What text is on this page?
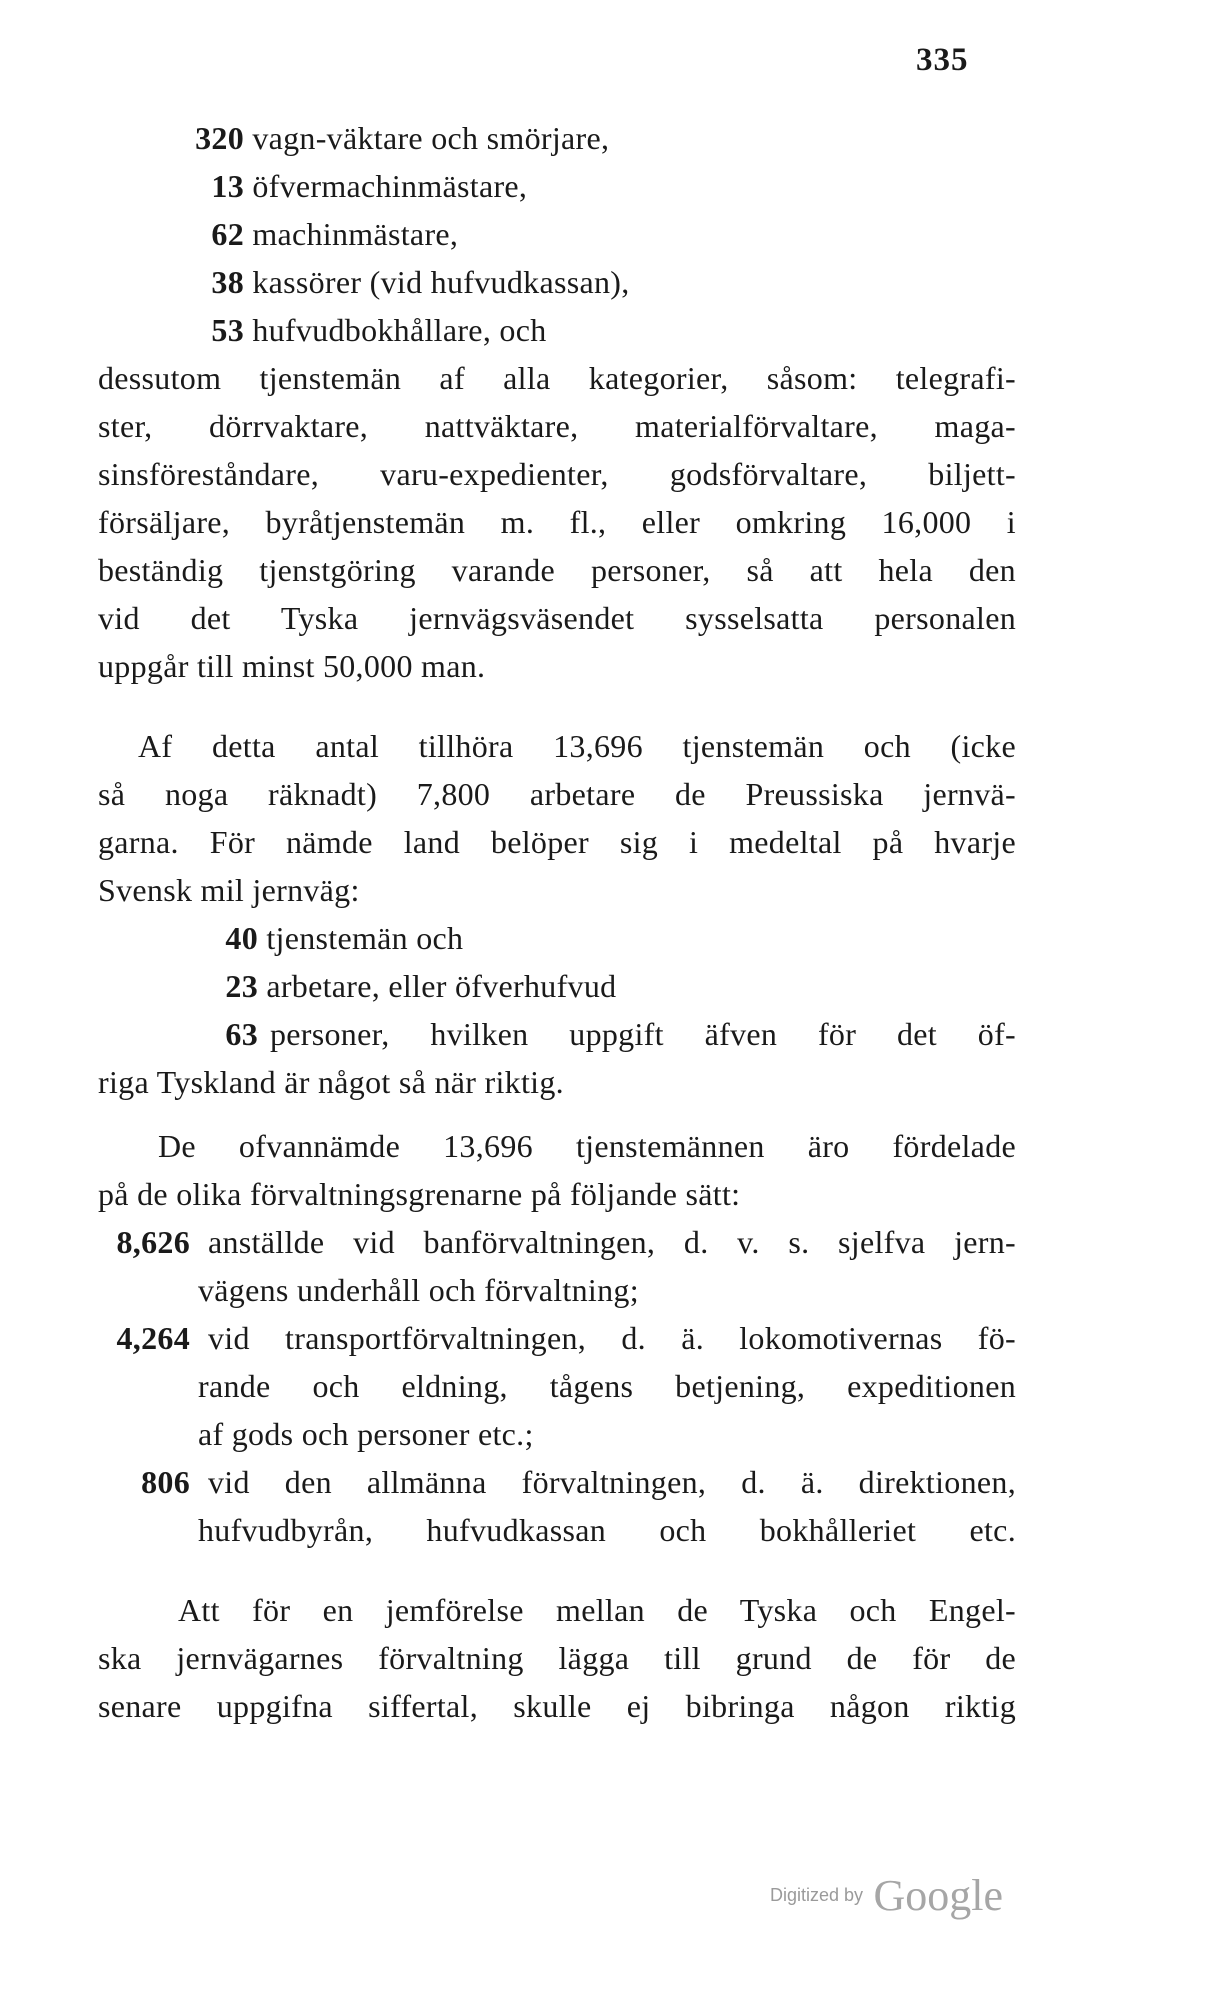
335
320 vagn-väktare och smörjare,
13 öfvermachinmästare,
62 machinmästare,
38 kassörer (vid hufvudkassan),
53 hufvudbokhållare, och
dessutom tjenstemän af alla kategorier, såsom: telegrafi-
ster, dörrvaktare, nattväktare, materialförvaltare, maga-
sinsföreståndare, varu-expedienter, godsförvaltare, biljett-
försäljare, byråtjenstemän m. fl., eller omkring 16,000 i
beständig tjenstgöring varande personer, så att hela den
vid det Tyska jernvägsväsendet sysselsatta personalen
uppgår till minst 50,000 man.
Af detta antal tillhöra 13,696 tjenstemän och (icke
så noga räknadt) 7,800 arbetare de Preussiska jernvä-
garna. För nämde land belöper sig i medeltal på hvarje
Svensk mil jernväg:
40 tjenstemän och
23 arbetare, eller öfverhufvud
63 personer, hvilken uppgift äfven för det öf-
riga Tyskland är något så när riktig.
De ofvannämde 13,696 tjenstemännen äro fördelade
på de olika förvaltningsgrenarne på följande sätt:
8,626 anställde vid banförvaltningen, d. v. s. sjelfva jern-
vägens underhåll och förvaltning;
4,264 vid transportförvaltningen, d. ä. lokomotivernas fö-
rande och eldning, tågens betjening, expeditionen
af gods och personer etc.;
806 vid den allmänna förvaltningen, d. ä. direktionen,
hufvudbyrån, hufvudkassan och bokhålleriet etc.
Att för en jemförelse mellan de Tyska och Engel-
ska jernvägarnes förvaltning lägga till grund de för de
senare uppgifna siffertal, skulle ej bibringa någon riktig
Digitized by Google
